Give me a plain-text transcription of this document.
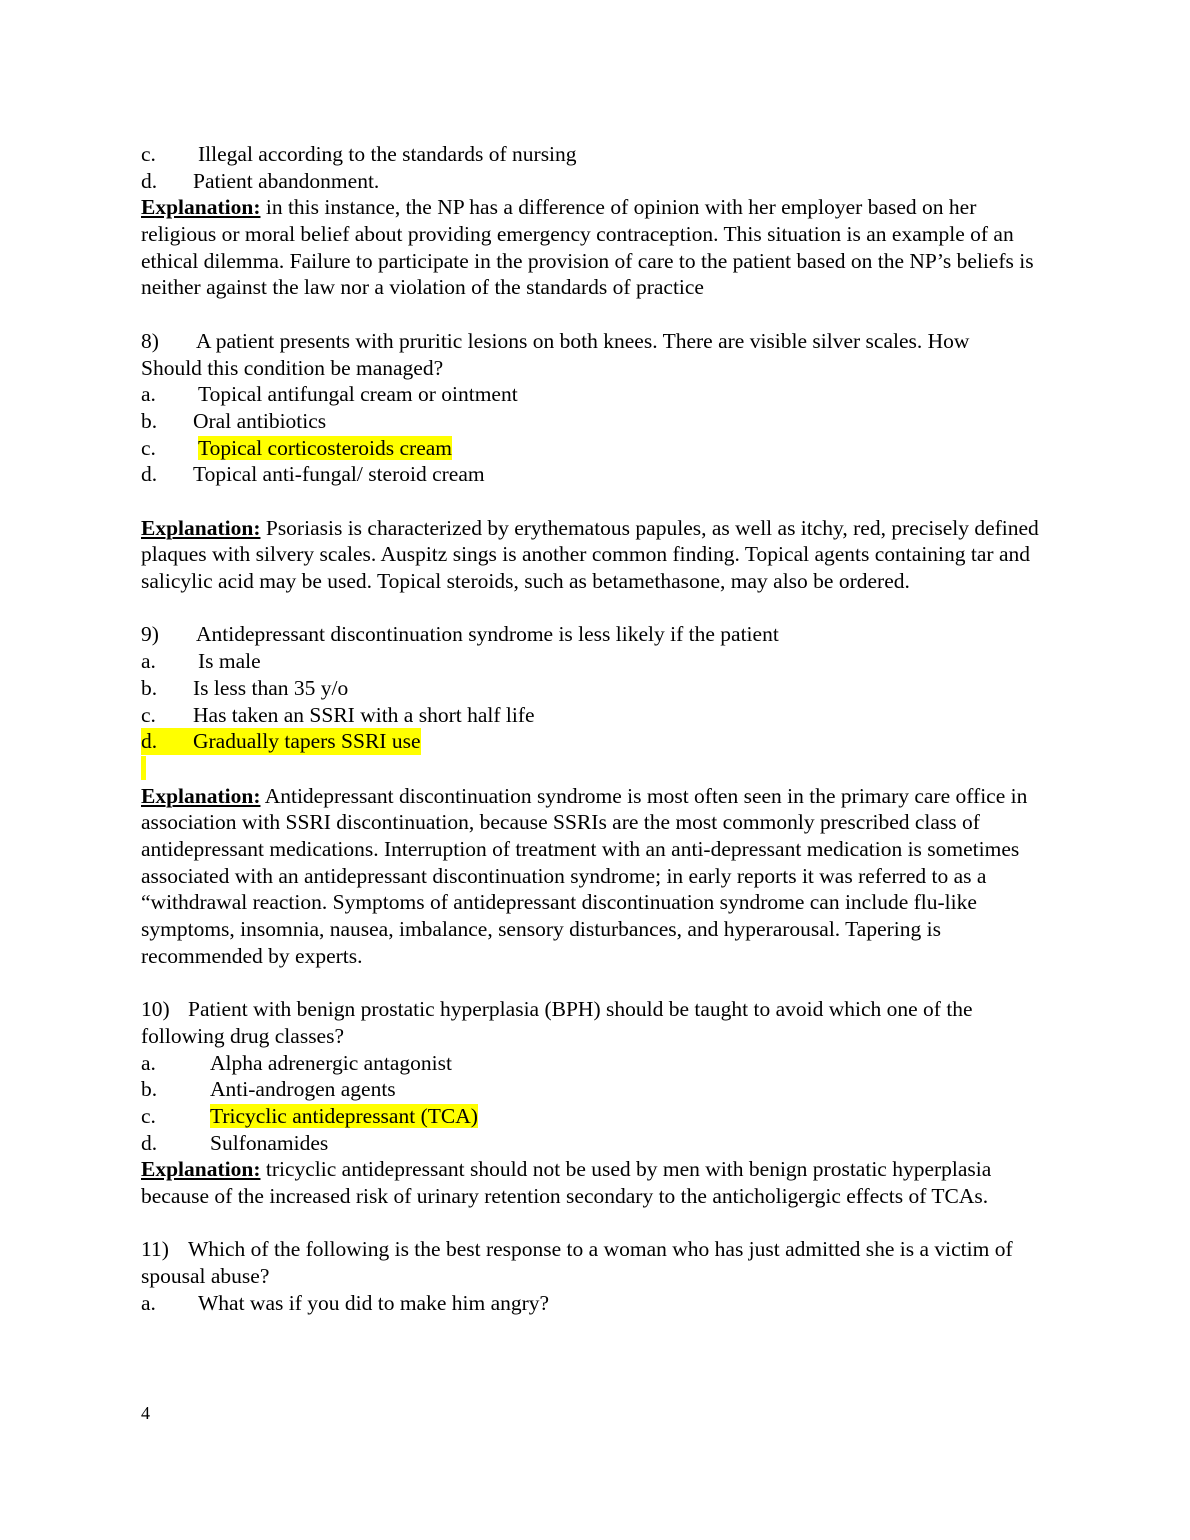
c. Illegal according to the standards of nursing
d. Patient abandonment.
Explanation: in this instance, the NP has a difference of opinion with her employer based on her religious or moral belief about providing emergency contraception. This situation is an example of an ethical dilemma. Failure to participate in the provision of care to the patient based on the NP’s beliefs is neither against the law nor a violation of the standards of practice
8) A patient presents with pruritic lesions on both knees. There are visible silver scales. How
Should this condition be managed?
a. Topical antifungal cream or ointment
b. Oral antibiotics
c. Topical corticosteroids cream
d. Topical anti-fungal/ steroid cream
Explanation: Psoriasis is characterized by erythematous papules, as well as itchy, red, precisely defined plaques with silvery scales. Auspitz sings is another common finding. Topical agents containing tar and salicylic acid may be used. Topical steroids, such as betamethasone, may also be ordered.
9) Antidepressant discontinuation syndrome is less likely if the patient
a. Is male
b. Is less than 35 y/o
c. Has taken an SSRI with a short half life
d. Gradually tapers SSRI use
Explanation: Antidepressant discontinuation syndrome is most often seen in the primary care office in association with SSRI discontinuation, because SSRIs are the most commonly prescribed class of antidepressant medications. Interruption of treatment with an anti-depressant medication is sometimes associated with an antidepressant discontinuation syndrome; in early reports it was referred to as a “withdrawal reaction. Symptoms of antidepressant discontinuation syndrome can include flu-like symptoms, insomnia, nausea, imbalance, sensory disturbances, and hyperarousal. Tapering is recommended by experts.
10) Patient with benign prostatic hyperplasia (BPH) should be taught to avoid which one of the following drug classes?
a.	Alpha adrenergic antagonist
b. Anti-androgen agents
c.	Tricyclic antidepressant (TCA)
d. Sulfonamides
Explanation: tricyclic antidepressant should not be used by men with benign prostatic hyperplasia because of the increased risk of urinary retention secondary to the anticholigergic effects of TCAs.
11) Which of the following is the best response to a woman who has just admitted she is a victim of spousal abuse?
a. What was if you did to make him angry?
4
